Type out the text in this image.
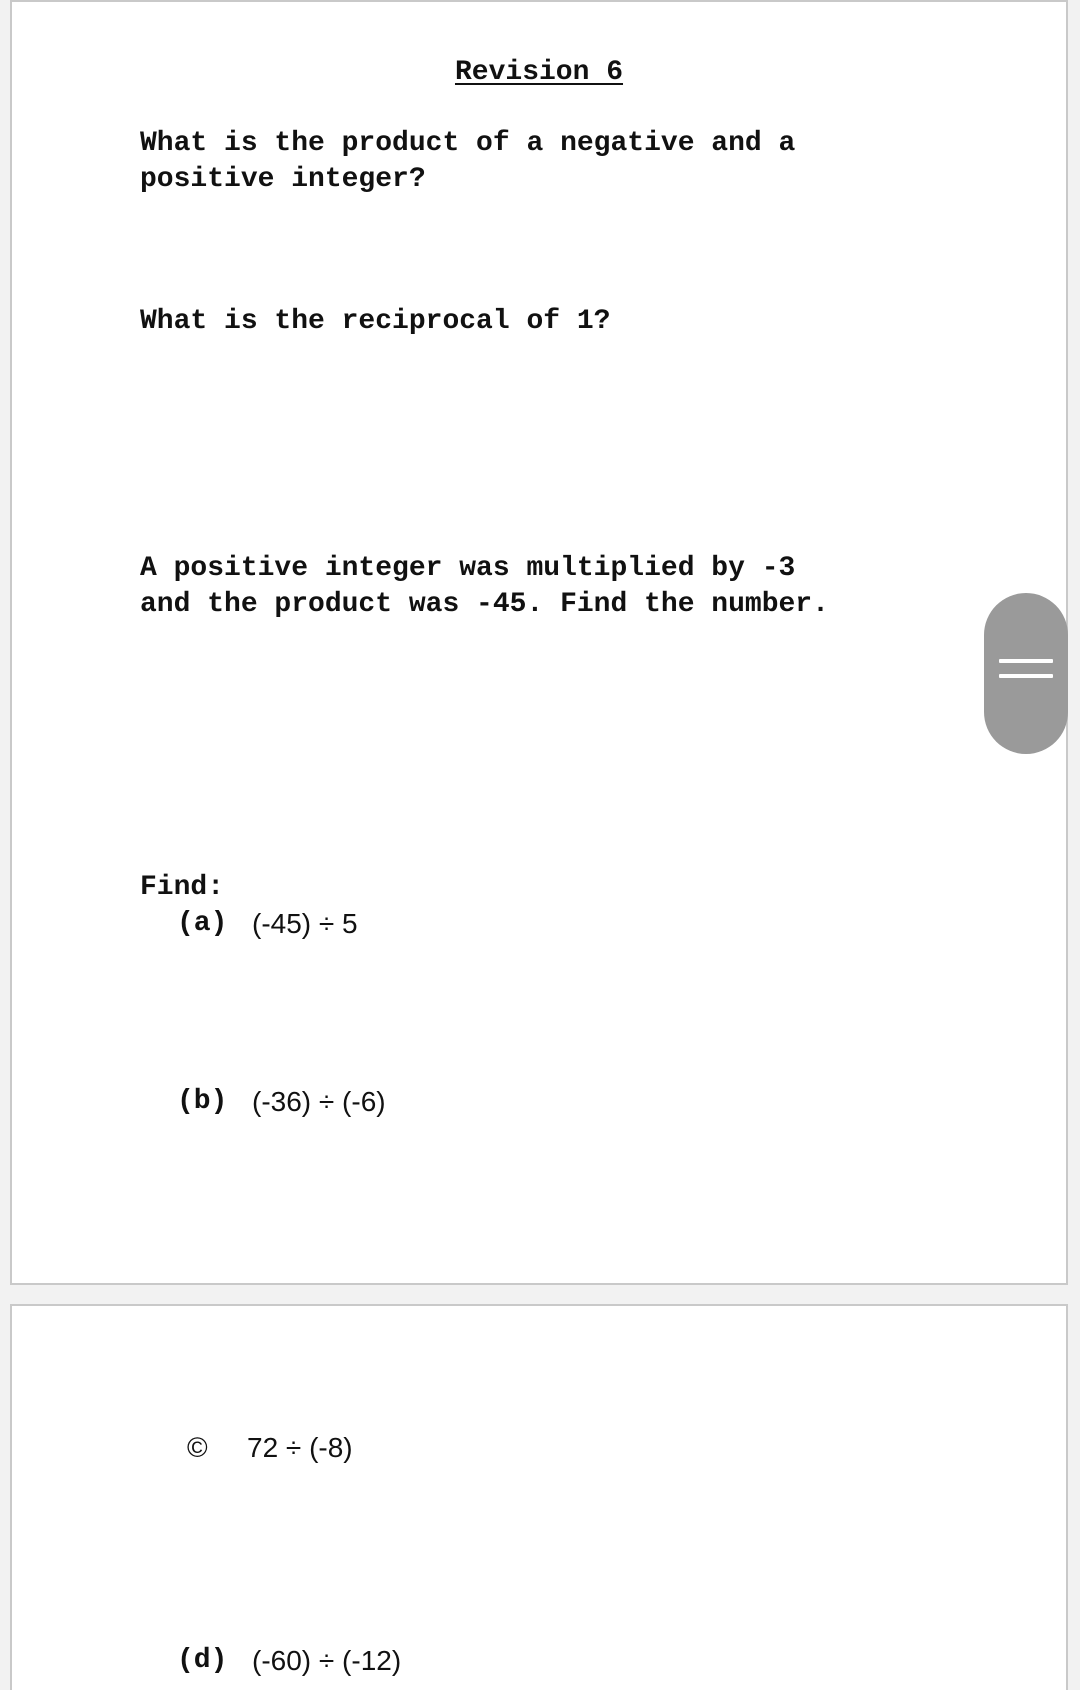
Revision 6
What is the product of a negative and a
positive integer?
What is the reciprocal of 1?
A positive integer was multiplied by -3
and the product was -45. Find the number.
Find:
(a) (-45) ÷ 5
(b) (-36) ÷ (-6)
© 72 ÷ (-8)
(d) (-60) ÷ (-12)
